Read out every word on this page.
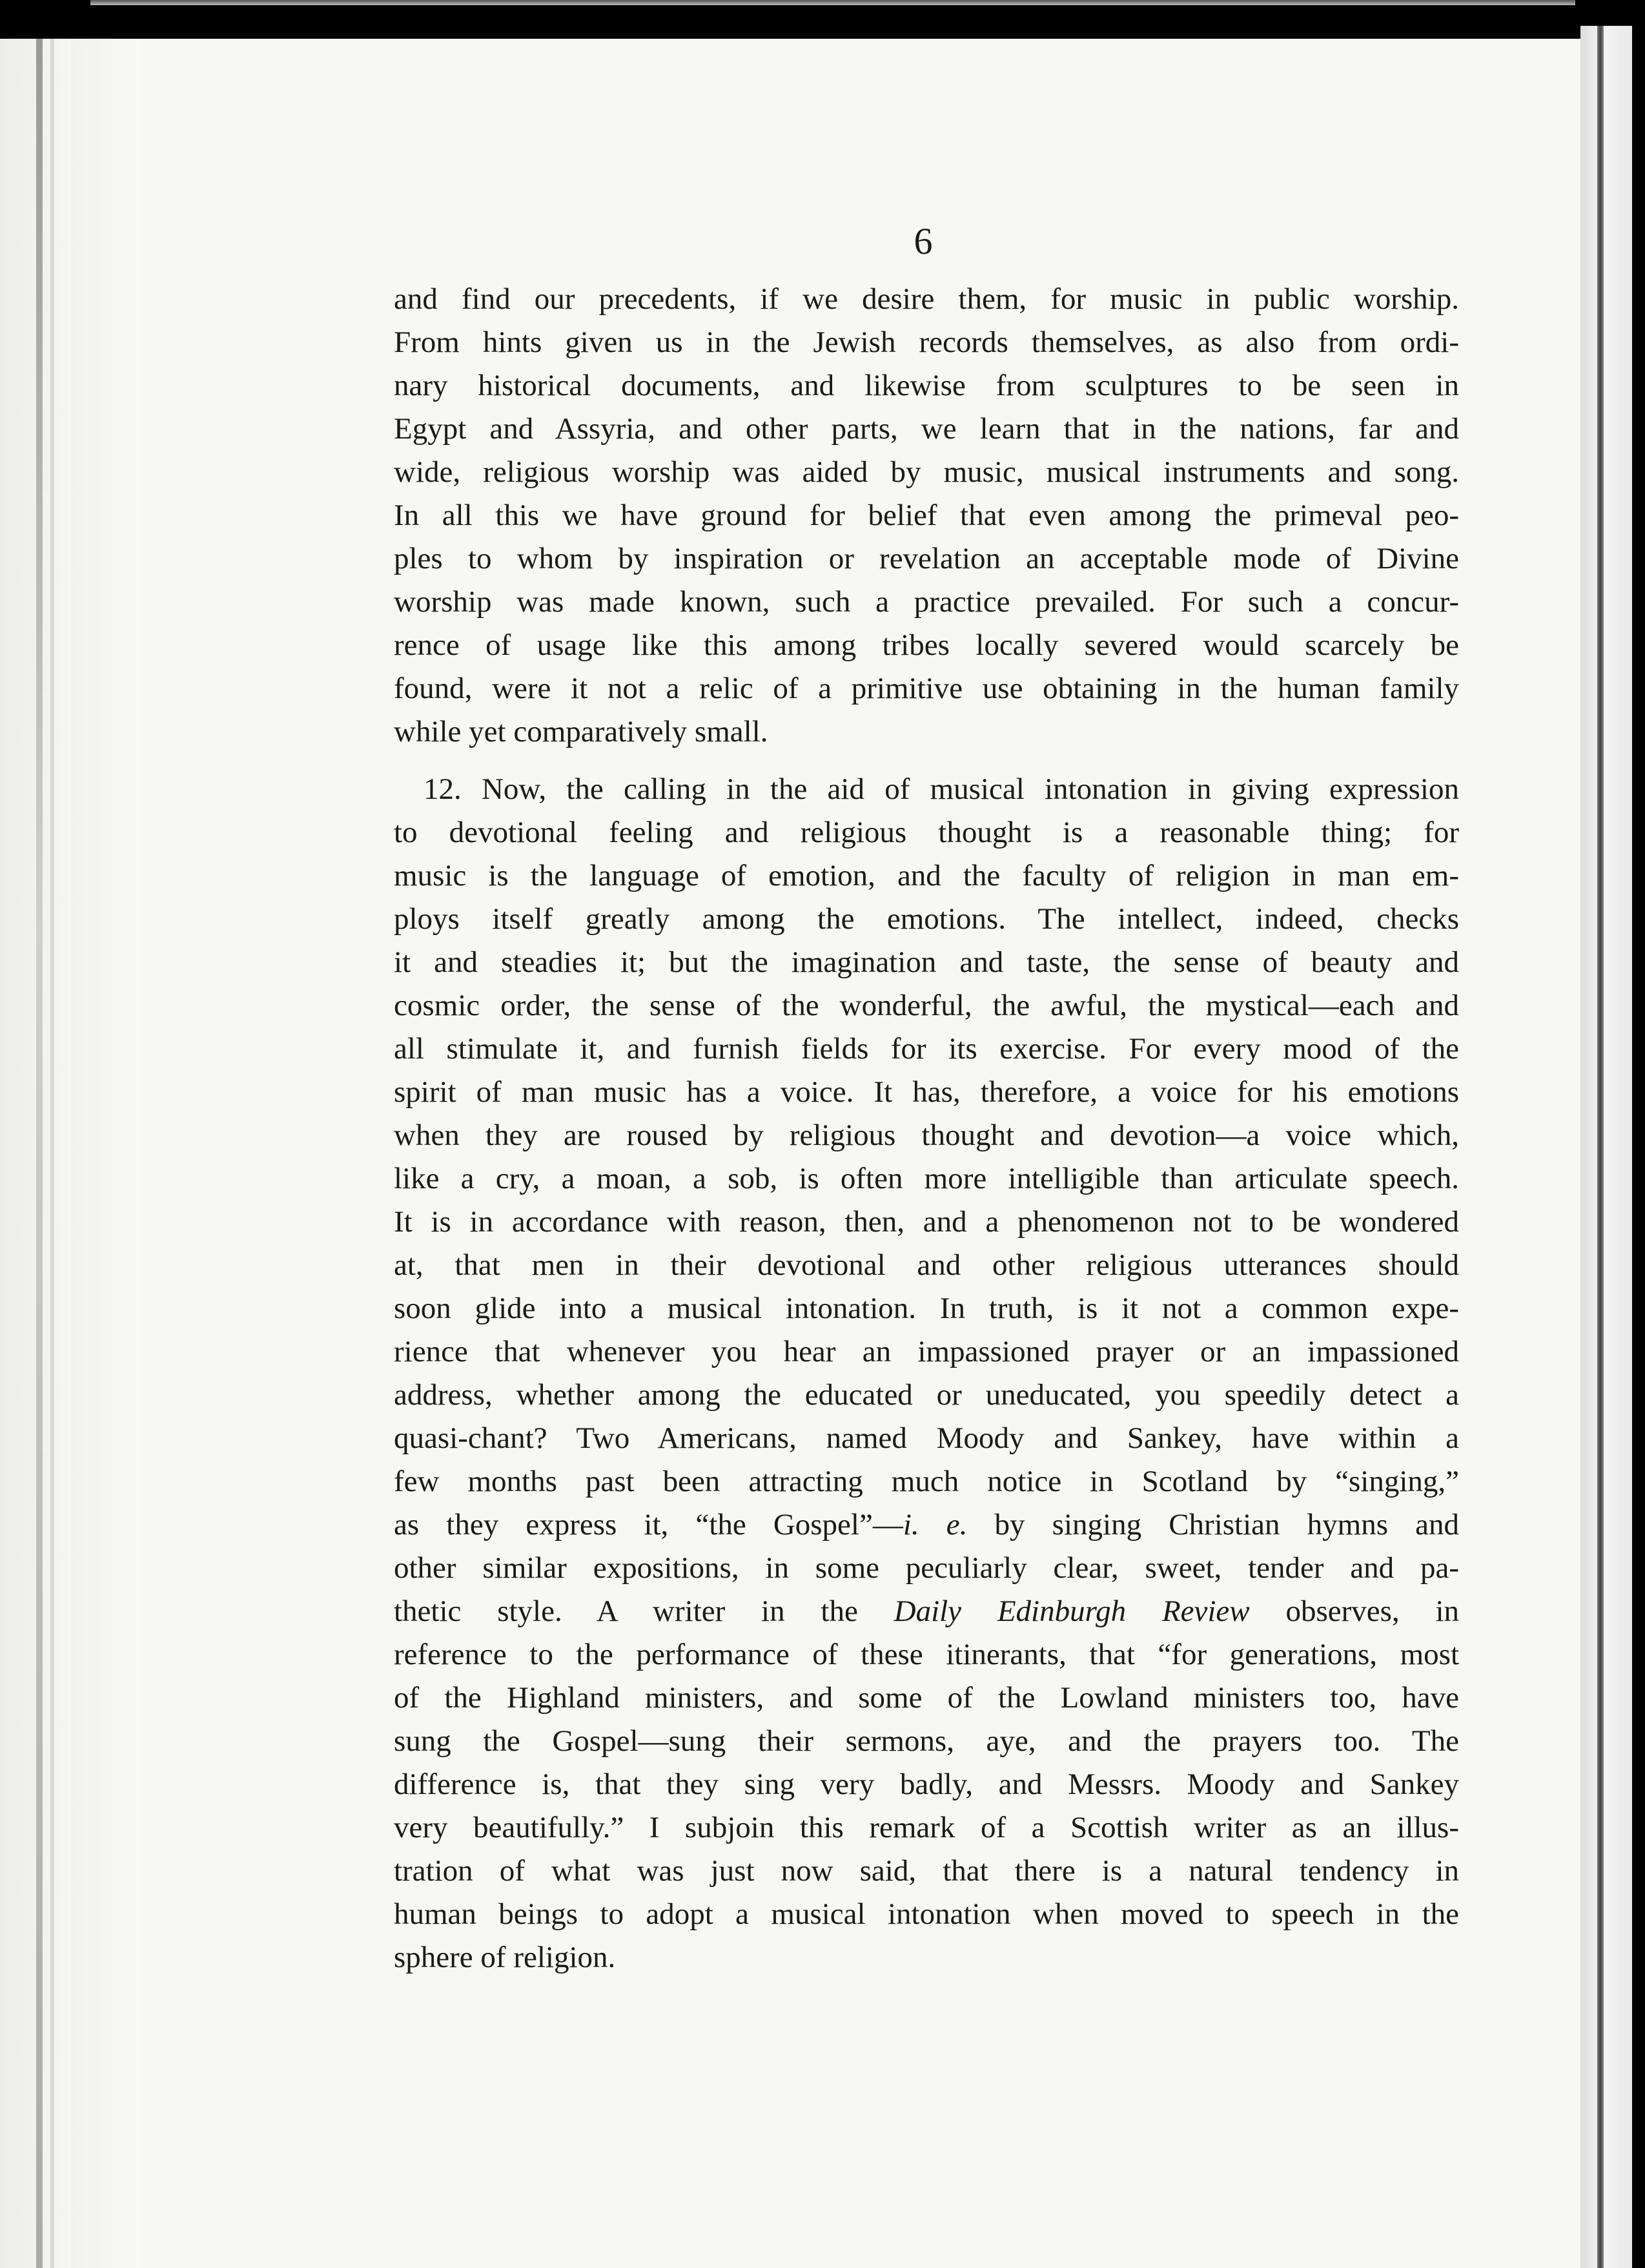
6

and find our precedents, if we desire them, for music in public worship.
From hints given us in the Jewish records themselves, as also from ordi-
nary historical documents, and likewise from sculptures to be seen in
Egypt and Assyria, and other parts, we learn that in the nations, far and
wide, religious worship was aided by music, musical instruments and song.
In all this we have ground for belief that even among the primeval peo-
ples to whom by inspiration or revelation an acceptable mode of Divine
worship was made known, such a practice prevailed. For such a concur-
rence of usage like this among tribes locally severed would scarcely be
found, were it not a relic of a primitive use obtaining in the human family
while yet comparatively small.

12. Now, the calling in the aid of musical intonation in giving expression
to devotional feeling and religious thought is a reasonable thing; for
music is the language of emotion, and the faculty of religion in man em-
ploys itself greatly among the emotions. The intellect, indeed, checks
it and steadies it; but the imagination and taste, the sense of beauty and
cosmic order, the sense of the wonderful, the awful, the mystical—each and
all stimulate it, and furnish fields for its exercise. For every mood of the
spirit of man music has a voice. It has, therefore, a voice for his emotions
when they are roused by religious thought and devotion—a voice which,
like a cry, a moan, a sob, is often more intelligible than articulate speech.
It is in accordance with reason, then, and a phenomenon not to be wondered
at, that men in their devotional and other religious utterances should
soon glide into a musical intonation. In truth, is it not a common expe-
rience that whenever you hear an impassioned prayer or an impassioned
address, whether among the educated or uneducated, you speedily detect a
quasi-chant? Two Americans, named Moody and Sankey, have within a
few months past been attracting much notice in Scotland by “singing,”
as they express it, “the Gospel”—i. e. by singing Christian hymns and
other similar expositions, in some peculiarly clear, sweet, tender and pa-
thetic style. A writer in the Daily Edinburgh Review observes, in
reference to the performance of these itinerants, that “for generations, most
of the Highland ministers, and some of the Lowland ministers too, have
sung the Gospel—sung their sermons, aye, and the prayers too. The
difference is, that they sing very badly, and Messrs. Moody and Sankey
very beautifully.” I subjoin this remark of a Scottish writer as an illus-
tration of what was just now said, that there is a natural tendency in
human beings to adopt a musical intonation when moved to speech in the
sphere of religion.
